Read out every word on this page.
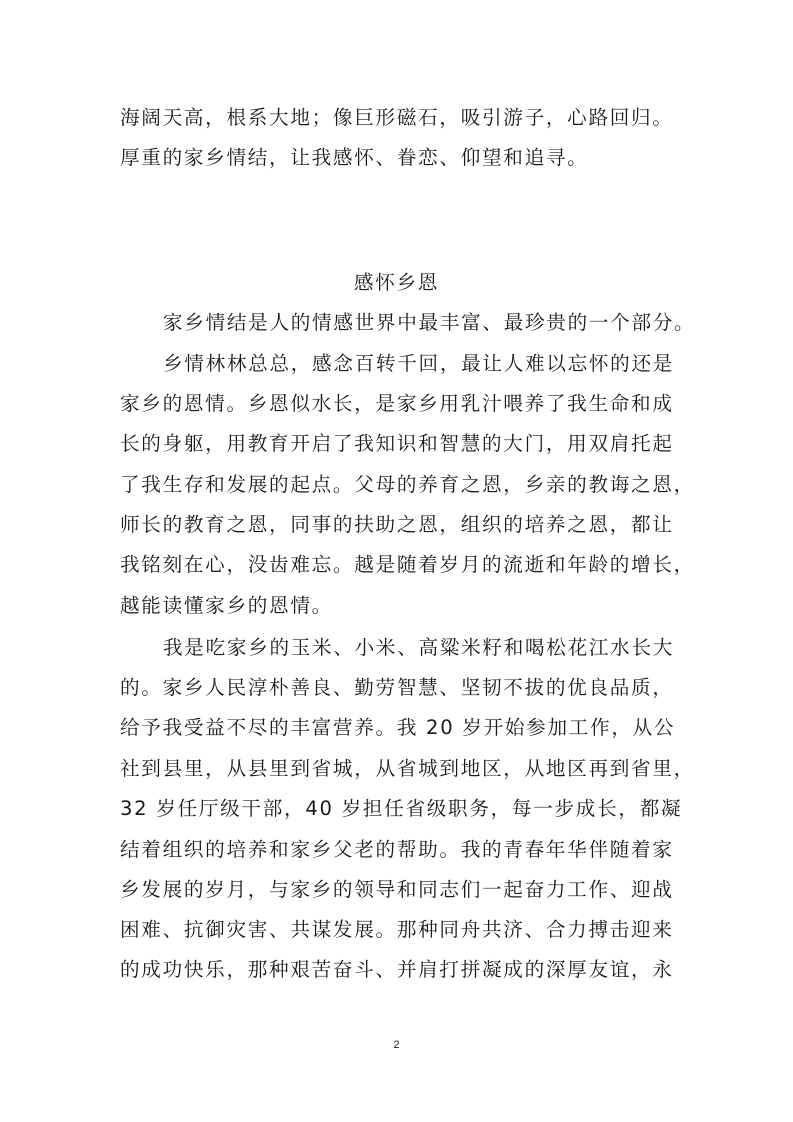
海阔天高，根系大地；像巨形磁石，吸引游子，心路回归。
厚重的家乡情结，让我感怀、眷恋、仰望和追寻。
感怀乡恩
家乡情结是人的情感世界中最丰富、最珍贵的一个部分。
乡情林林总总，感念百转千回，最让人难以忘怀的还是
家乡的恩情。乡恩似水长，是家乡用乳汁喂养了我生命和成
长的身躯，用教育开启了我知识和智慧的大门，用双肩托起
了我生存和发展的起点。父母的养育之恩，乡亲的教诲之恩，
师长的教育之恩，同事的扶助之恩，组织的培养之恩，都让
我铭刻在心，没齿难忘。越是随着岁月的流逝和年龄的增长，
越能读懂家乡的恩情。
我是吃家乡的玉米、小米、高粱米籽和喝松花江水长大
的。家乡人民淳朴善良、勤劳智慧、坚韧不拔的优良品质，
给予我受益不尽的丰富营养。我 20 岁开始参加工作，从公
社到县里，从县里到省城，从省城到地区，从地区再到省里，
32 岁任厅级干部，40 岁担任省级职务，每一步成长，都凝
结着组织的培养和家乡父老的帮助。我的青春年华伴随着家
乡发展的岁月，与家乡的领导和同志们一起奋力工作、迎战
困难、抗御灾害、共谋发展。那种同舟共济、合力搏击迎来
的成功快乐，那种艰苦奋斗、并肩打拼凝成的深厚友谊，永
2
